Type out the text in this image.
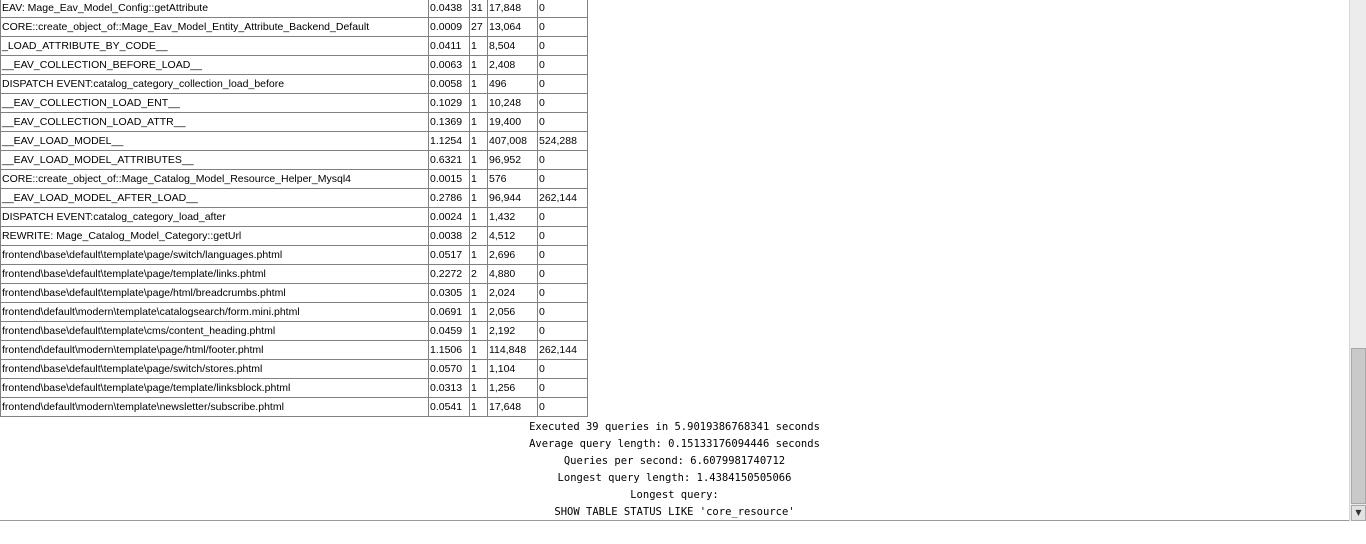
EAV: Mage_Eav_Model_Config::getAttribute	0.0438	31	17,848	0
CORE::create_object_of::Mage_Eav_Model_Entity_Attribute_Backend_Default	0.0009	27	13,064	0
_LOAD_ATTRIBUTE_BY_CODE__	0.0411	1	8,504	0
__EAV_COLLECTION_BEFORE_LOAD__	0.0063	1	2,408	0
DISPATCH EVENT:catalog_category_collection_load_before	0.0058	1	496	0
__EAV_COLLECTION_LOAD_ENT__	0.1029	1	10,248	0
__EAV_COLLECTION_LOAD_ATTR__	0.1369	1	19,400	0
__EAV_LOAD_MODEL__	1.1254	1	407,008	524,288
__EAV_LOAD_MODEL_ATTRIBUTES__	0.6321	1	96,952	0
CORE::create_object_of::Mage_Catalog_Model_Resource_Helper_Mysql4	0.0015	1	576	0
__EAV_LOAD_MODEL_AFTER_LOAD__	0.2786	1	96,944	262,144
DISPATCH EVENT:catalog_category_load_after	0.0024	1	1,432	0
REWRITE: Mage_Catalog_Model_Category::getUrl	0.0038	2	4,512	0
frontend\base\default\template\page/switch/languages.phtml	0.0517	1	2,696	0
frontend\base\default\template\page/template/links.phtml	0.2272	2	4,880	0
frontend\base\default\template\page/html/breadcrumbs.phtml	0.0305	1	2,024	0
frontend\default\modern\template\catalogsearch/form.mini.phtml	0.0691	1	2,056	0
frontend\base\default\template\cms/content_heading.phtml	0.0459	1	2,192	0
frontend\default\modern\template\page/html/footer.phtml	1.1506	1	114,848	262,144
frontend\base\default\template\page/switch/stores.phtml	0.0570	1	1,104	0
frontend\base\default\template\page/template/linksblock.phtml	0.0313	1	1,256	0
frontend\default\modern\template\newsletter/subscribe.phtml	0.0541	1	17,648	0
Executed 39 queries in 5.9019386768341 seconds
Average query length: 0.15133176094446 seconds
Queries per second: 6.6079981740712
Longest query length: 1.4384150505066
Longest query:
SHOW TABLE STATUS LIKE 'core_resource'	▼
